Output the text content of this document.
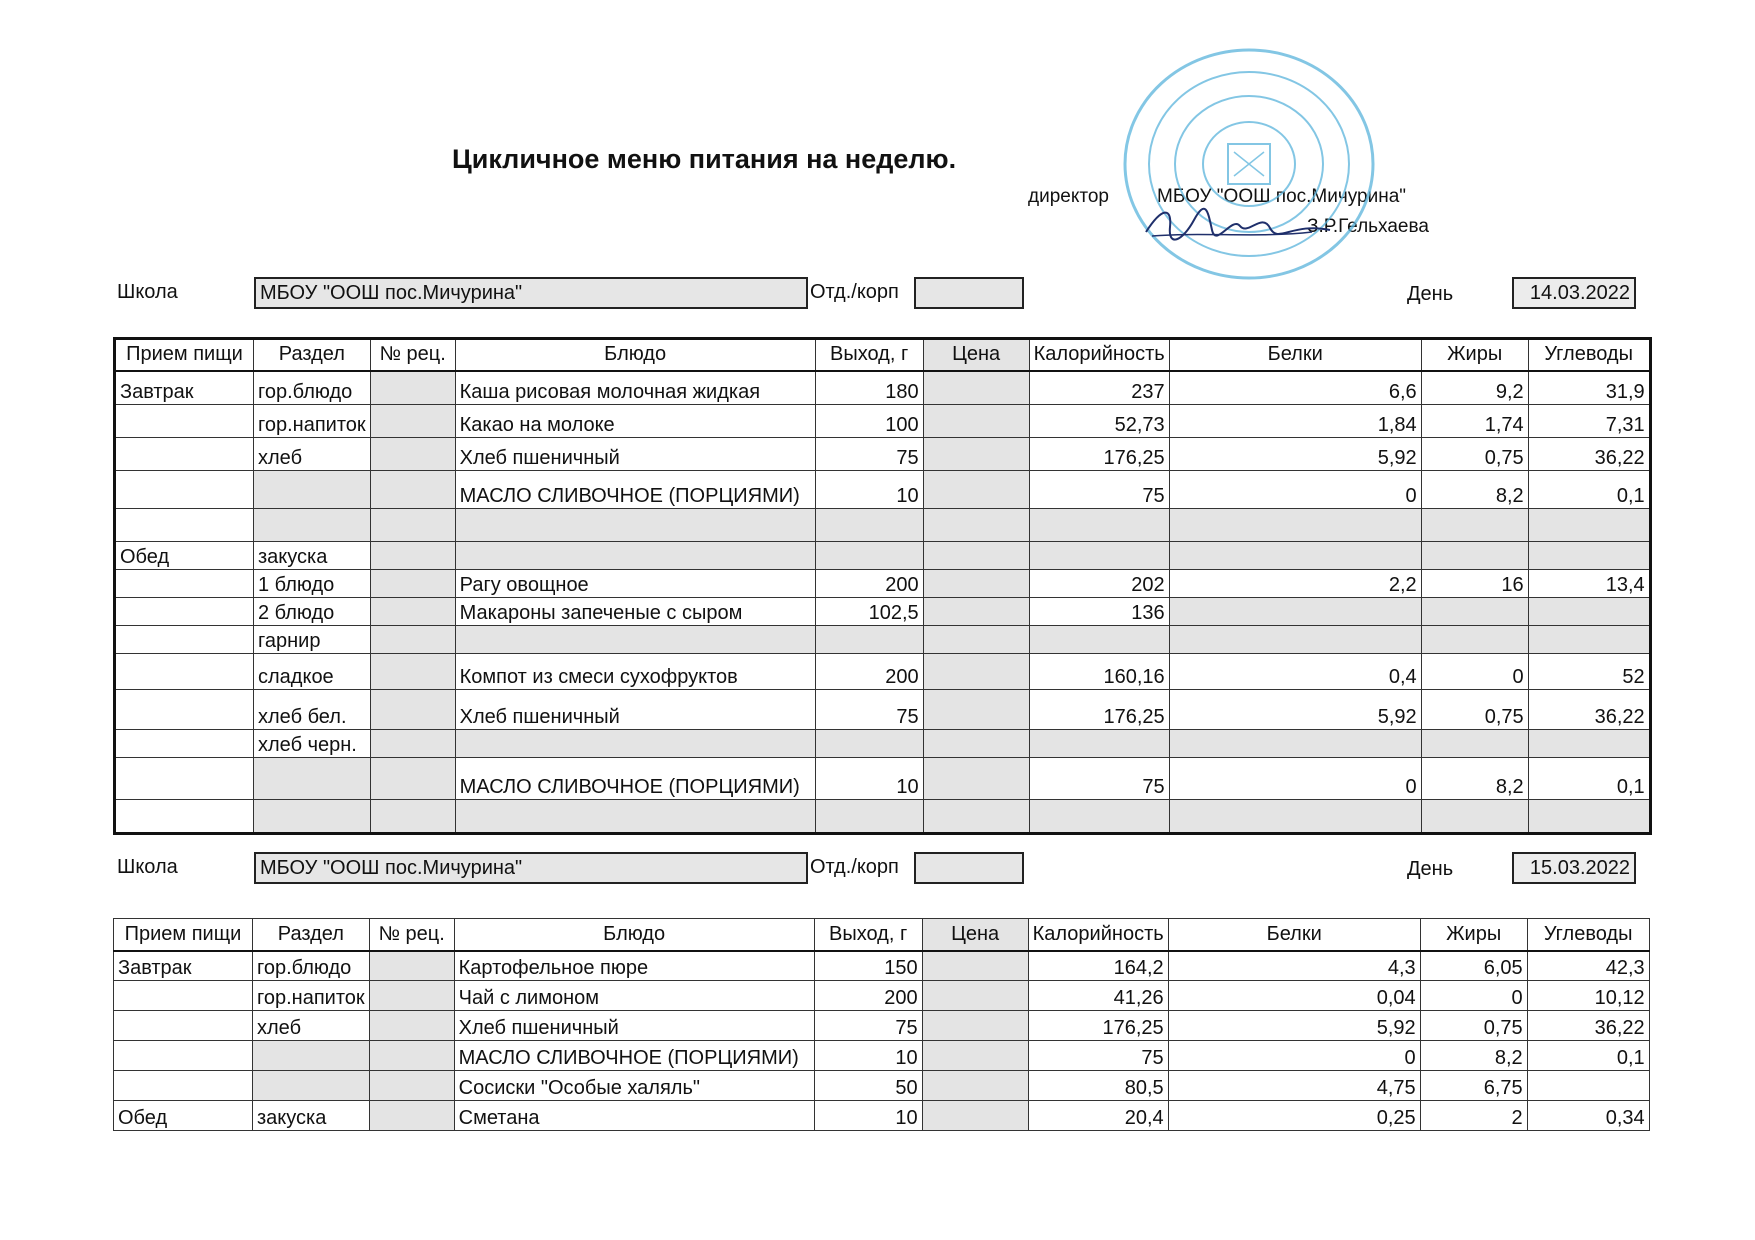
Цикличное меню питания на неделю.
директор	МБОУ "ООШ пос.Мичурина"
З.Р.Гельхаева
Школа	МБОУ "ООШ пос.Мичурина"	Отд./корп	День	14.03.2022
Прием пищи	Раздел	№ рец.	Блюдо	Выход, г	Цена	Калорийность	Белки	Жиры	Углеводы
Завтрак	гор.блюдо		Каша рисовая молочная жидкая	180		237	6,6	9,2	31,9
	гор.напиток		Какао на молоке	100		52,73	1,84	1,74	7,31
	хлеб		Хлеб пшеничный	75		176,25	5,92	0,75	36,22
			МАСЛО СЛИВОЧНОЕ (ПОРЦИЯМИ)	10		75	0	8,2	0,1

Обед	закуска								
	1 блюдо		Рагу овощное	200		202	2,2	16	13,4
	2 блюдо		Макароны запеченые с сыром	102,5		136			
	гарнир								
	сладкое		Компот из смеси сухофруктов	200		160,16	0,4	0	52
	хлеб бел.		Хлеб пшеничный	75		176,25	5,92	0,75	36,22
	хлеб черн.								
			МАСЛО СЛИВОЧНОЕ (ПОРЦИЯМИ)	10		75	0	8,2	0,1

Школа	МБОУ "ООШ пос.Мичурина"	Отд./корп	День	15.03.2022
Прием пищи	Раздел	№ рец.	Блюдо	Выход, г	Цена	Калорийность	Белки	Жиры	Углеводы
Завтрак	гор.блюдо		Картофельное пюре	150		164,2	4,3	6,05	42,3
	гор.напиток		Чай с лимоном	200		41,26	0,04	0	10,12
	хлеб		Хлеб пшеничный	75		176,25	5,92	0,75	36,22
			МАСЛО СЛИВОЧНОЕ (ПОРЦИЯМИ)	10		75	0	8,2	0,1
			Сосиски "Особые халяль"	50		80,5	4,75	6,75	
Обед	закуска		Сметана	10		20,4	0,25	2	0,34
